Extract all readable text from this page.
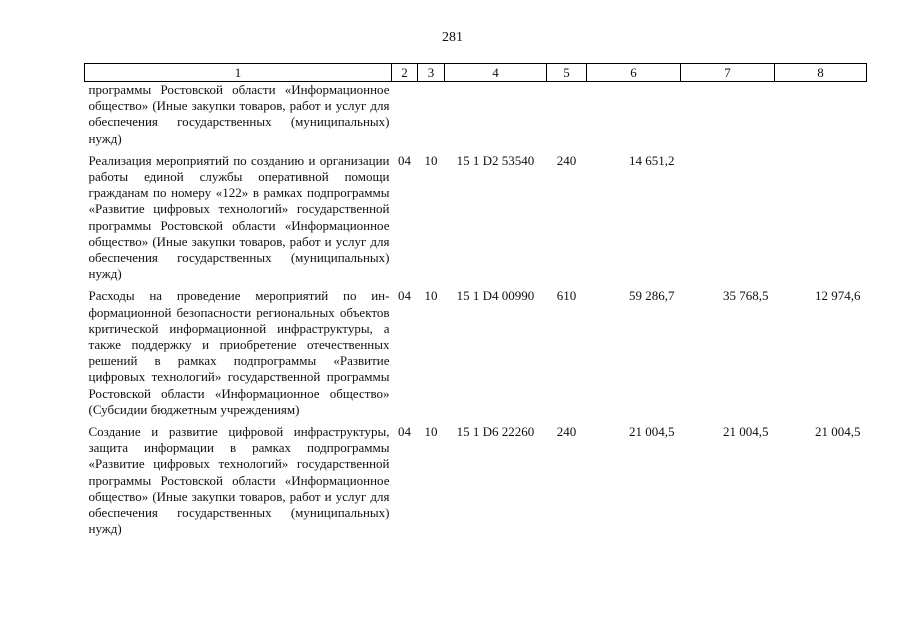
281
1	2	3	4	5	6	7	8
программы Ростовской области «Информационное общество» (Иные закупки товаров, работ и услуг для обеспечения государственных (муниципальных) нужд)							
Реализация мероприятий по созданию и организации работы единой службы оперативной помощи гражданам по номеру «122» в рамках подпрограммы «Развитие цифровых технологий» государственной программы Ростовской области «Информационное общество» (Иные закупки товаров, работ и услуг для обеспечения государственных (муниципальных) нужд)	04	10	15 1 D2 53540	240	14 651,2		
Расходы на проведение мероприятий по информационной безопасности региональных объектов критической информационной инфраструктуры, а также поддержку и приобретение отечественных решений в рамках подпрограммы «Развитие цифровых технологий» государственной программы Ростовской области «Информационное общество» (Субсидии бюджетным учреждениям)	04	10	15 1 D4 00990	610	59 286,7	35 768,5	12 974,6
Создание и развитие цифровой инфраструктуры, защита информации в рамках подпрограммы «Развитие цифровых технологий» государственной программы Ростовской области «Информационное общество» (Иные закупки товаров, работ и услуг для обеспечения государственных (муниципальных) нужд)	04	10	15 1 D6 22260	240	21 004,5	21 004,5	21 004,5
